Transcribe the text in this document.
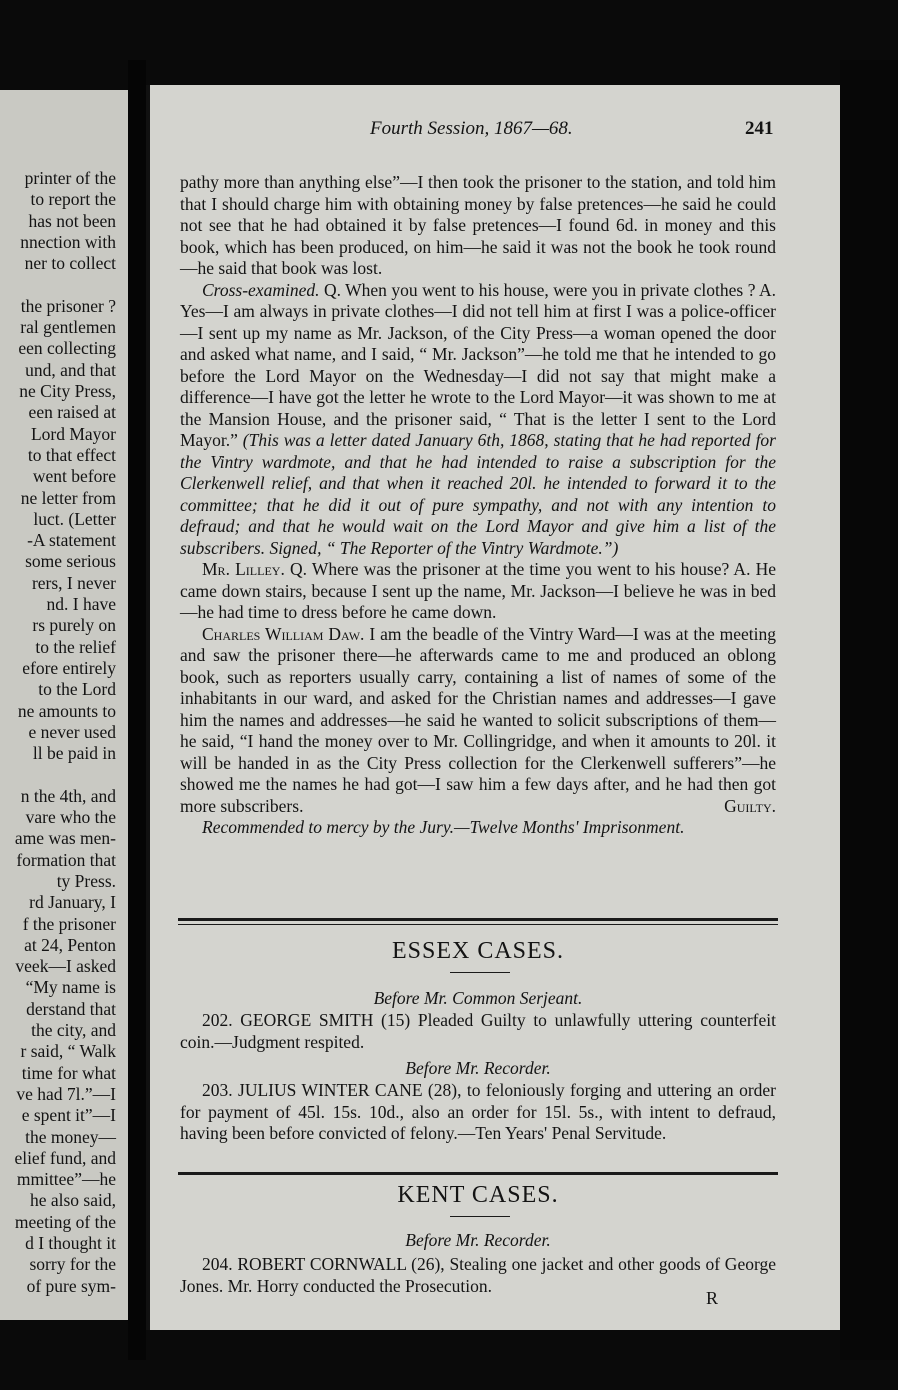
printer of the
to report the
has not been
nnection with
ner to collect
the prisoner ?
ral gentlemen
een collecting
und, and that
ne City Press,
een raised at
Lord Mayor
to that effect
went before
ne letter from
luct. (Letter
-A statement
some serious
rers, I never
nd. I have
rs purely on
to the relief
efore entirely
to the Lord
ne amounts to
e never used
ll be paid in
n the 4th, and
vare who the
ame was men-
formation that
ty Press.
rd January, I
f the prisoner
at 24, Penton
veek—I asked
“My name is
derstand that
the city, and
r said, “ Walk
time for what
ve had 7l.”—I
e spent it”—I
the money—
elief fund, and
mmittee”—he
he also said,
meeting of the
d I thought it
sorry for the
of pure sym-
Fourth Session, 1867—68.	241

pathy more than anything else”—I then took the prisoner to the station, and told him that I should charge him with obtaining money by false pretences—he said he could not see that he had obtained it by false pretences—I found 6d. in money and this book, which has been produced, on him—he said it was not the book he took round—he said that book was lost.

Cross-examined. Q. When you went to his house, were you in private clothes ? A. Yes—I am always in private clothes—I did not tell him at first I was a police-officer—I sent up my name as Mr. Jackson, of the City Press—a woman opened the door and asked what name, and I said, “ Mr. Jackson”—he told me that he intended to go before the Lord Mayor on the Wednesday—I did not say that might make a difference—I have got the letter he wrote to the Lord Mayor—it was shown to me at the Mansion House, and the prisoner said, “ That is the letter I sent to the Lord Mayor.” (This was a letter dated January 6th, 1868, stating that he had reported for the Vintry wardmote, and that he had intended to raise a subscription for the Clerkenwell relief, and that when it reached 20l. he intended to forward it to the committee; that he did it out of pure sympathy, and not with any intention to defraud; and that he would wait on the Lord Mayor and give him a list of the subscribers. Signed, “ The Reporter of the Vintry Wardmote.”)

Mr. Lilley. Q. Where was the prisoner at the time you went to his house? A. He came down stairs, because I sent up the name, Mr. Jackson—I believe he was in bed—he had time to dress before he came down.

Charles William Daw. I am the beadle of the Vintry Ward—I was at the meeting and saw the prisoner there—he afterwards came to me and produced an oblong book, such as reporters usually carry, containing a list of names of some of the inhabitants in our ward, and asked for the Christian names and addresses—I gave him the names and addresses—he said he wanted to solicit subscriptions of them—he said, “I hand the money over to Mr. Collingridge, and when it amounts to 20l. it will be handed in as the City Press collection for the Clerkenwell sufferers”—he showed me the names he had got—I saw him a few days after, and he had then got more subscribers.	Guilty.

Recommended to mercy by the Jury.—Twelve Months' Imprisonment.

ESSEX CASES.
Before Mr. Common Serjeant.

202. GEORGE SMITH (15) Pleaded Guilty to unlawfully uttering counterfeit coin.—Judgment respited.

Before Mr. Recorder.

203. JULIUS WINTER CANE (28), to feloniously forging and uttering an order for payment of 45l. 15s. 10d., also an order for 15l. 5s., with intent to defraud, having been before convicted of felony.—Ten Years' Penal Servitude.

KENT CASES.
Before Mr. Recorder.

204. ROBERT CORNWALL (26), Stealing one jacket and other goods of George Jones. Mr. Horry conducted the Prosecution.

R
